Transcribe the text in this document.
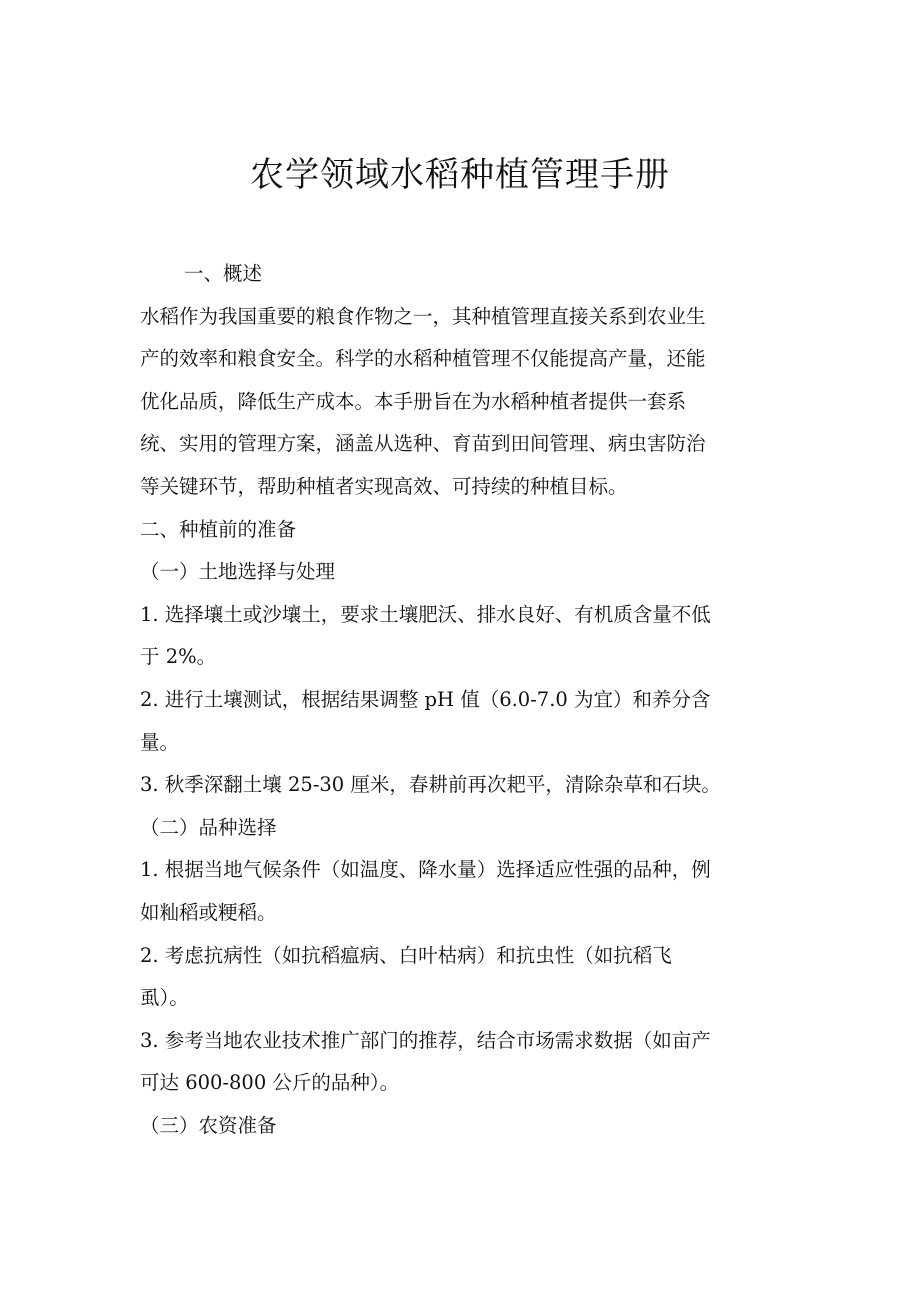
农学领域水稻种植管理手册
一、概述
水稻作为我国重要的粮食作物之一，其种植管理直接关系到农业生
产的效率和粮食安全。科学的水稻种植管理不仅能提高产量，还能
优化品质，降低生产成本。本手册旨在为水稻种植者提供一套系
统、实用的管理方案，涵盖从选种、育苗到田间管理、病虫害防治
等关键环节，帮助种植者实现高效、可持续的种植目标。
二、种植前的准备
（一）土地选择与处理
1. 选择壤土或沙壤土，要求土壤肥沃、排水良好、有机质含量不低
于 2%。
2. 进行土壤测试，根据结果调整 pH 值（6.0-7.0 为宜）和养分含
量。
3. 秋季深翻土壤 25-30 厘米，春耕前再次耙平，清除杂草和石块。
（二）品种选择
1. 根据当地气候条件（如温度、降水量）选择适应性强的品种，例
如籼稻或粳稻。
2. 考虑抗病性（如抗稻瘟病、白叶枯病）和抗虫性（如抗稻飞
虱）。
3. 参考当地农业技术推广部门的推荐，结合市场需求数据（如亩产
可达 600-800 公斤的品种）。
（三）农资准备
